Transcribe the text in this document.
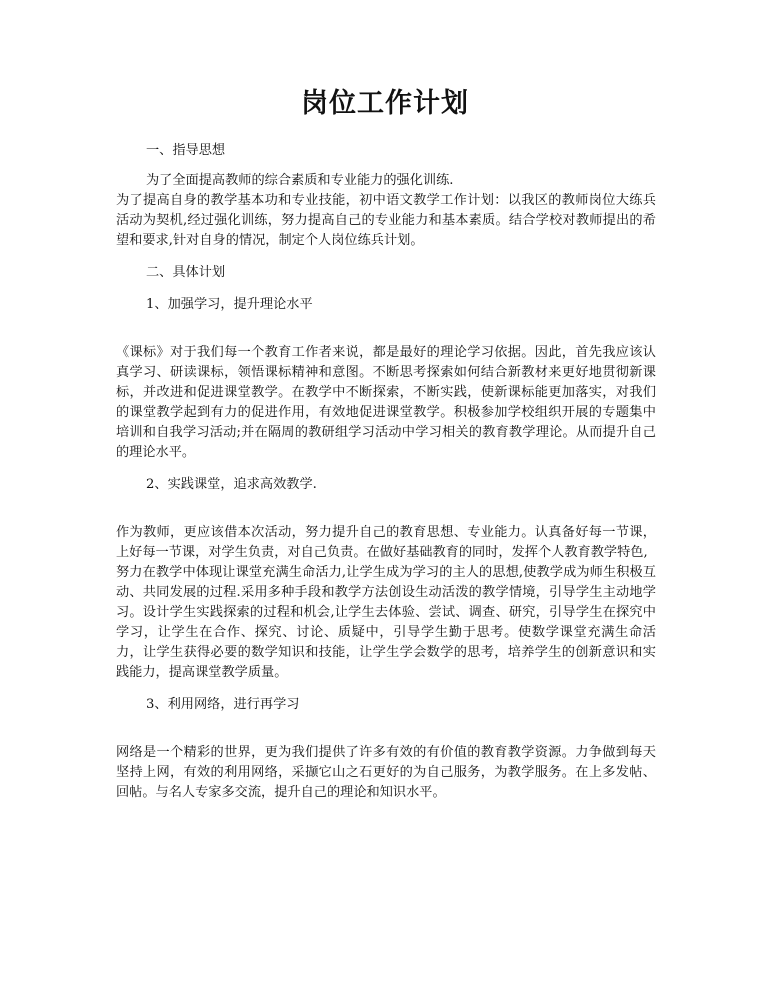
岗位工作计划

一、指导思想

为了全面提高教师的综合素质和专业能力的强化训练.

为了提高自身的教学基本功和专业技能，初中语文教学工作计划：以我区的教师岗位大练兵活动为契机,经过强化训练，努力提高自己的专业能力和基本素质。结合学校对教师提出的希望和要求,针对自身的情况，制定个人岗位练兵计划。

二、具体计划

1、加强学习，提升理论水平

《课标》对于我们每一个教育工作者来说，都是最好的理论学习依据。因此，首先我应该认真学习、研读课标，领悟课标精神和意图。不断思考探索如何结合新教材来更好地贯彻新课标，并改进和促进课堂教学。在教学中不断探索，不断实践，使新课标能更加落实，对我们的课堂教学起到有力的促进作用，有效地促进课堂教学。积极参加学校组织开展的专题集中培训和自我学习活动;并在隔周的教研组学习活动中学习相关的教育教学理论。从而提升自己的理论水平。

2、实践课堂，追求高效教学.

作为教师，更应该借本次活动，努力提升自己的教育思想、专业能力。认真备好每一节课，上好每一节课，对学生负责，对自己负责。在做好基础教育的同时，发挥个人教育教学特色,

努力在教学中体现让课堂充满生命活力,让学生成为学习的主人的思想,使教学成为师生积极互动、共同发展的过程.采用多种手段和教学方法创设生动活泼的教学情境，引导学生主动地学习。设计学生实践探索的过程和机会,让学生去体验、尝试、调查、研究，引导学生在探究中学习，让学生在合作、探究、讨论、质疑中，引导学生勤于思考。使数学课堂充满生命活力，让学生获得必要的数学知识和技能，让学生学会数学的思考，培养学生的创新意识和实践能力，提高课堂教学质量。

3、利用网络，进行再学习

网络是一个精彩的世界，更为我们提供了许多有效的有价值的教育教学资源。力争做到每天坚持上网，有效的利用网络，采撷它山之石更好的为自己服务，为教学服务。在上多发帖、回帖。与名人专家多交流，提升自己的理论和知识水平。
